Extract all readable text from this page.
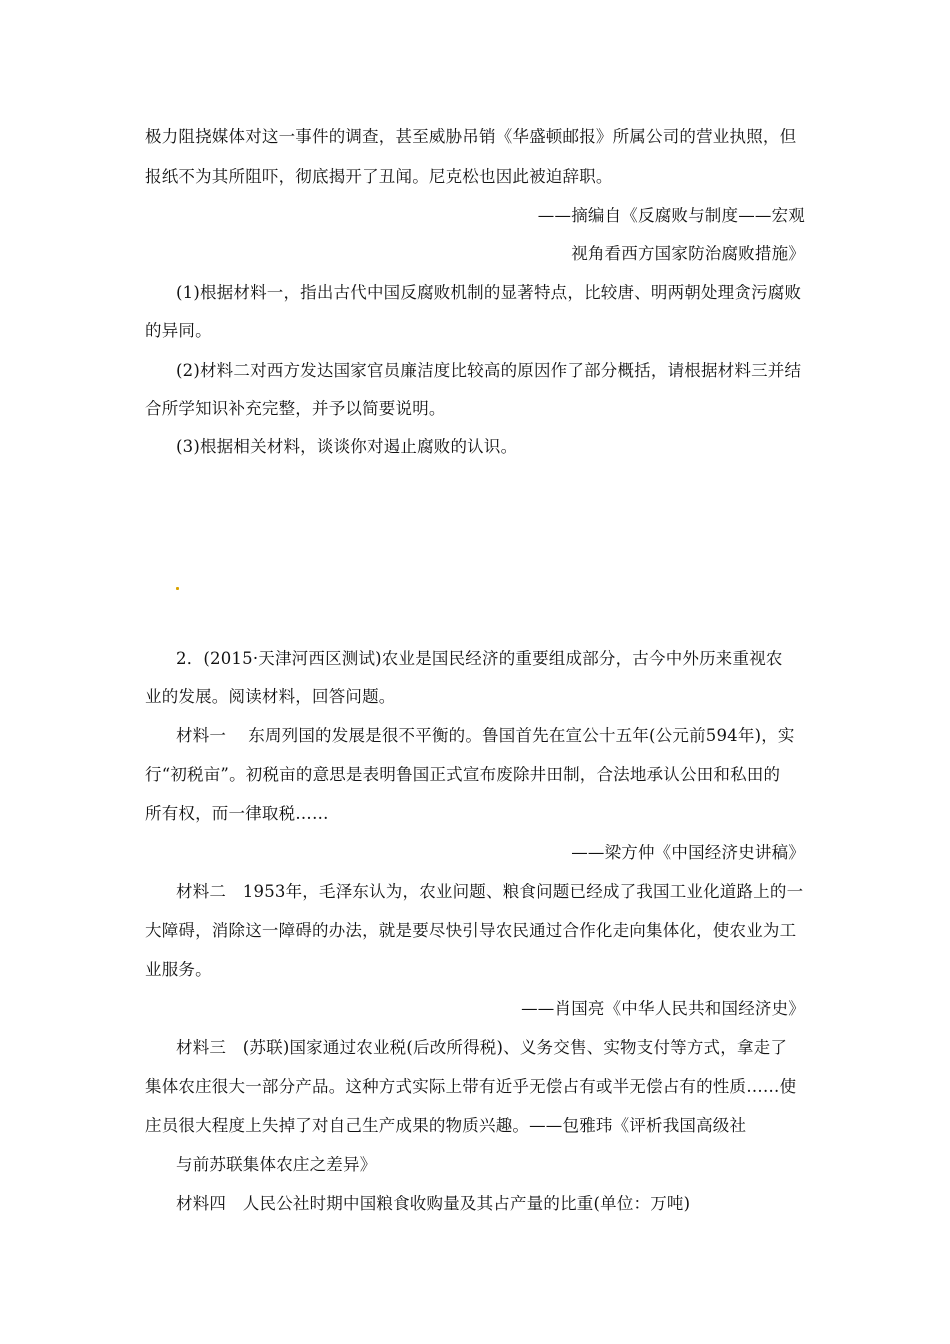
极力阻挠媒体对这一事件的调查，甚至威胁吊销《华盛顿邮报》所属公司的营业执照，但
报纸不为其所阻吓，彻底揭开了丑闻。尼克松也因此被迫辞职。
——摘编自《反腐败与制度——宏观
视角看西方国家防治腐败措施》
(1)根据材料一，指出古代中国反腐败机制的显著特点，比较唐、明两朝处理贪污腐败
的异同。
(2)材料二对西方发达国家官员廉洁度比较高的原因作了部分概括，请根据材料三并结
合所学知识补充完整，并予以简要说明。
(3)根据相关材料，谈谈你对遏止腐败的认识。
2．(2015·天津河西区测试)农业是国民经济的重要组成部分，古今中外历来重视农
业的发展。阅读材料，回答问题。
材料一　 东周列国的发展是很不平衡的。鲁国首先在宣公十五年(公元前594年)，实
行“初税亩”。初税亩的意思是表明鲁国正式宣布废除井田制，合法地承认公田和私田的
所有权，而一律取税……
——梁方仲《中国经济史讲稿》
材料二　1953年，毛泽东认为，农业问题、粮食问题已经成了我国工业化道路上的一
大障碍，消除这一障碍的办法，就是要尽快引导农民通过合作化走向集体化，使农业为工
业服务。
——肖国亮《中华人民共和国经济史》
材料三　(苏联)国家通过农业税(后改所得税)、义务交售、实物支付等方式，拿走了
集体农庄很大一部分产品。这种方式实际上带有近乎无偿占有或半无偿占有的性质……使
庄员很大程度上失掉了对自己生产成果的物质兴趣。——包雅玮《评析我国高级社
与前苏联集体农庄之差异》
材料四　人民公社时期中国粮食收购量及其占产量的比重(单位：万吨)
